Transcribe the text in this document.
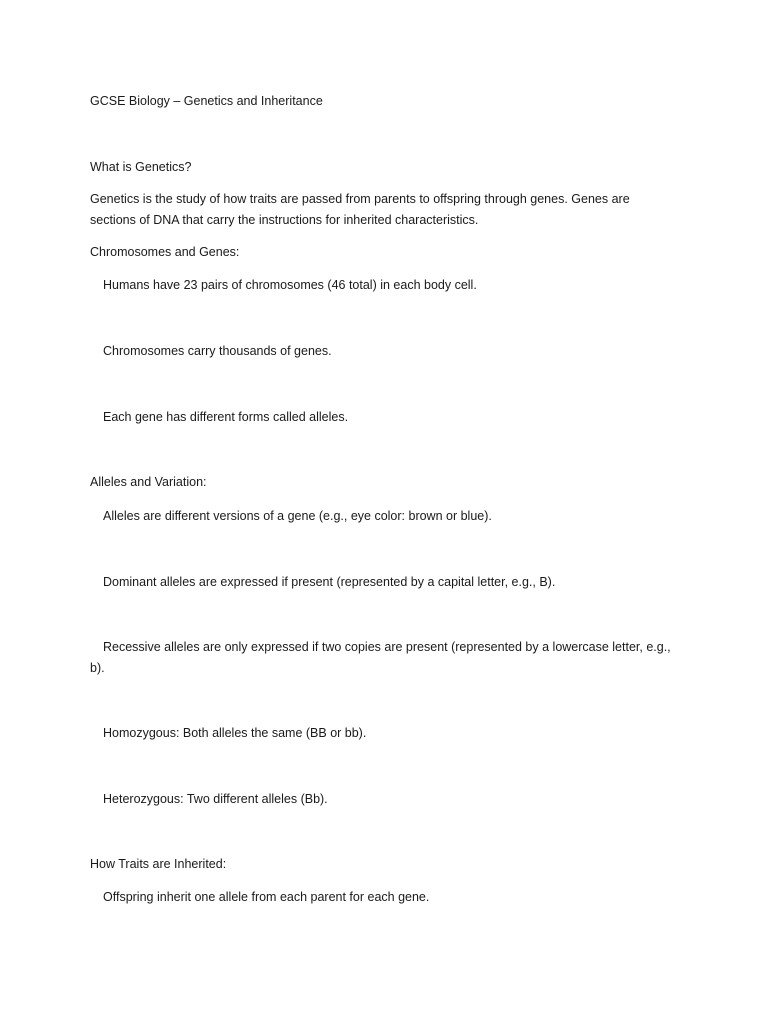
GCSE Biology – Genetics and Inheritance
What is Genetics?
Genetics is the study of how traits are passed from parents to offspring through genes. Genes are sections of DNA that carry the instructions for inherited characteristics.
Chromosomes and Genes:
Humans have 23 pairs of chromosomes (46 total) in each body cell.
Chromosomes carry thousands of genes.
Each gene has different forms called alleles.
Alleles and Variation:
Alleles are different versions of a gene (e.g., eye color: brown or blue).
Dominant alleles are expressed if present (represented by a capital letter, e.g., B).
Recessive alleles are only expressed if two copies are present (represented by a lowercase letter, e.g., b).
Homozygous: Both alleles the same (BB or bb).
Heterozygous: Two different alleles (Bb).
How Traits are Inherited:
Offspring inherit one allele from each parent for each gene.
